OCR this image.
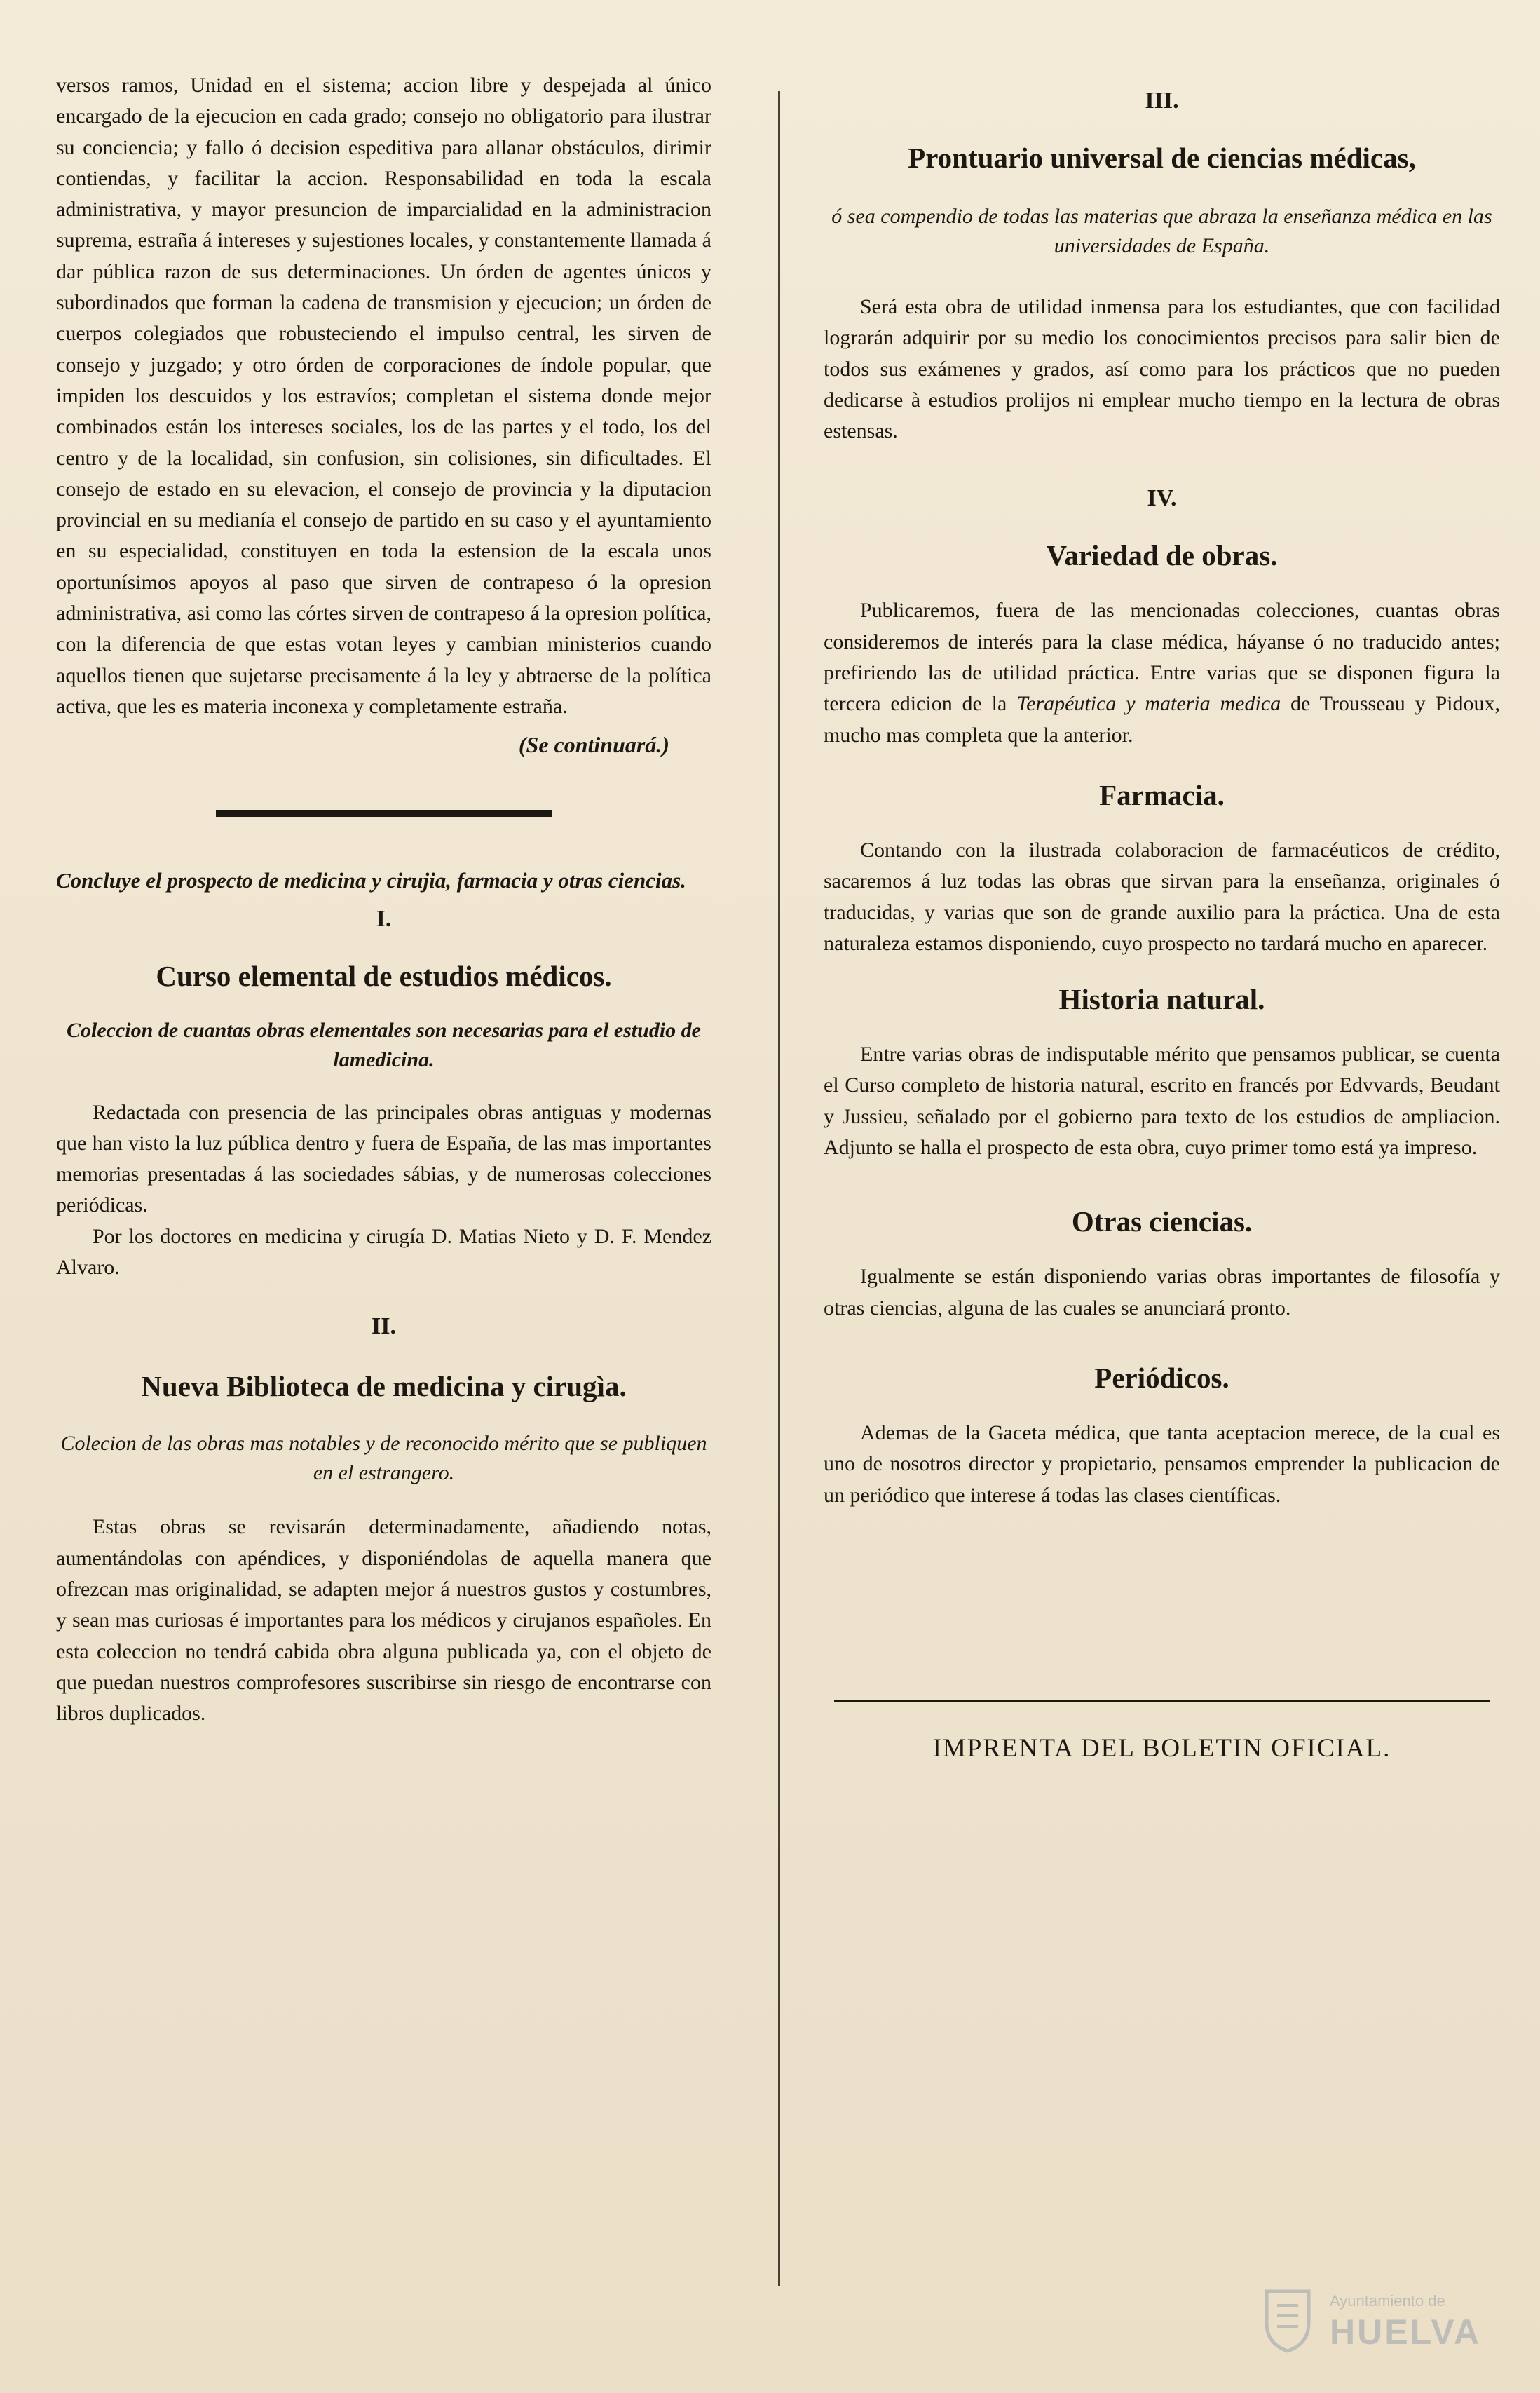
versos ramos, Unidad en el sistema; accion libre y despejada al único encargado de la ejecucion en cada grado; consejo no obligatorio para ilustrar su conciencia; y fallo ó decision espeditiva para allanar obstáculos, dirimir contiendas, y facilitar la accion. Responsabilidad en toda la escala administrativa, y mayor presuncion de imparcialidad en la administracion suprema, estraña á intereses y sujestiones locales, y constantemente llamada á dar pública razon de sus determinaciones. Un órden de agentes únicos y subordinados que forman la cadena de transmision y ejecucion; un órden de cuerpos colegiados que robusteciendo el impulso central, les sirven de consejo y juzgado; y otro órden de corporaciones de índole popular, que impiden los descuidos y los estravíos; completan el sistema donde mejor combinados están los intereses sociales, los de las partes y el todo, los del centro y de la localidad, sin confusion, sin colisiones, sin dificultades. El consejo de estado en su elevacion, el consejo de provincia y la diputacion provincial en su medianía el consejo de partido en su caso y el ayuntamiento en su especialidad, constituyen en toda la estension de la escala unos oportunísimos apoyos al paso que sirven de contrapeso ó la opresion administrativa, asi como las córtes sirven de contrapeso á la opresion política, con la diferencia de que estas votan leyes y cambian ministerios cuando aquellos tienen que sujetarse precisamente á la ley y abtraerse de la política activa, que les es materia inconexa y completamente estraña.

(Se continuará.)

Concluye el prospecto de medicina y cirujia, farmacia y otras ciencias.

I.

Curso elemental de estudios médicos.

Coleccion de cuantas obras elementales son necesarias para el estudio de lamedicina.

Redactada con presencia de las principales obras antiguas y modernas que han visto la luz pública dentro y fuera de España, de las mas importantes memorias presentadas á las sociedades sábias, y de numerosas colecciones periódicas.

Por los doctores en medicina y cirugía D. Matias Nieto y D. F. Mendez Alvaro.

II.

Nueva Biblioteca de medicina y cirugìa.

Colecion de las obras mas notables y de reconocido mérito que se publiquen en el estrangero.

Estas obras se revisarán determinadamente, añadiendo notas, aumentándolas con apéndices, y disponiéndolas de aquella manera que ofrezcan mas originalidad, se adapten mejor á nuestros gustos y costumbres, y sean mas curiosas é importantes para los médicos y cirujanos españoles. En esta coleccion no tendrá cabida obra alguna publicada ya, con el objeto de que puedan nuestros comprofesores suscribirse sin riesgo de encontrarse con libros duplicados.

III.

Prontuario universal de ciencias médicas,

ó sea compendio de todas las materias que abraza la enseñanza médica en las universidades de España.

Será esta obra de utilidad inmensa para los estudiantes, que con facilidad lograrán adquirir por su medio los conocimientos precisos para salir bien de todos sus exámenes y grados, así como para los prácticos que no pueden dedicarse à estudios prolijos ni emplear mucho tiempo en la lectura de obras estensas.

IV.

Variedad de obras.

Publicaremos, fuera de las mencionadas colecciones, cuantas obras consideremos de interés para la clase médica, háyanse ó no traducido antes; prefiriendo las de utilidad práctica. Entre varias que se disponen figura la tercera edicion de la Terapéutica y materia medica de Trousseau y Pidoux, mucho mas completa que la anterior.

Farmacia.

Contando con la ilustrada colaboracion de farmacéuticos de crédito, sacaremos á luz todas las obras que sirvan para la enseñanza, originales ó traducidas, y varias que son de grande auxilio para la práctica. Una de esta naturaleza estamos disponiendo, cuyo prospecto no tardará mucho en aparecer.

Historia natural.

Entre varias obras de indisputable mérito que pensamos publicar, se cuenta el Curso completo de historia natural, escrito en francés por Edvvards, Beudant y Jussieu, señalado por el gobierno para texto de los estudios de ampliacion. Adjunto se halla el prospecto de esta obra, cuyo primer tomo está ya impreso.

Otras ciencias.

Igualmente se están disponiendo varias obras importantes de filosofía y otras ciencias, alguna de las cuales se anunciará pronto.

Periódicos.

Ademas de la Gaceta médica, que tanta aceptacion merece, de la cual es uno de nosotros director y propietario, pensamos emprender la publicacion de un periódico que interese á todas las clases científicas.

IMPRENTA DEL BOLETIN OFICIAL.

Ayuntamiento de
HUELVA
